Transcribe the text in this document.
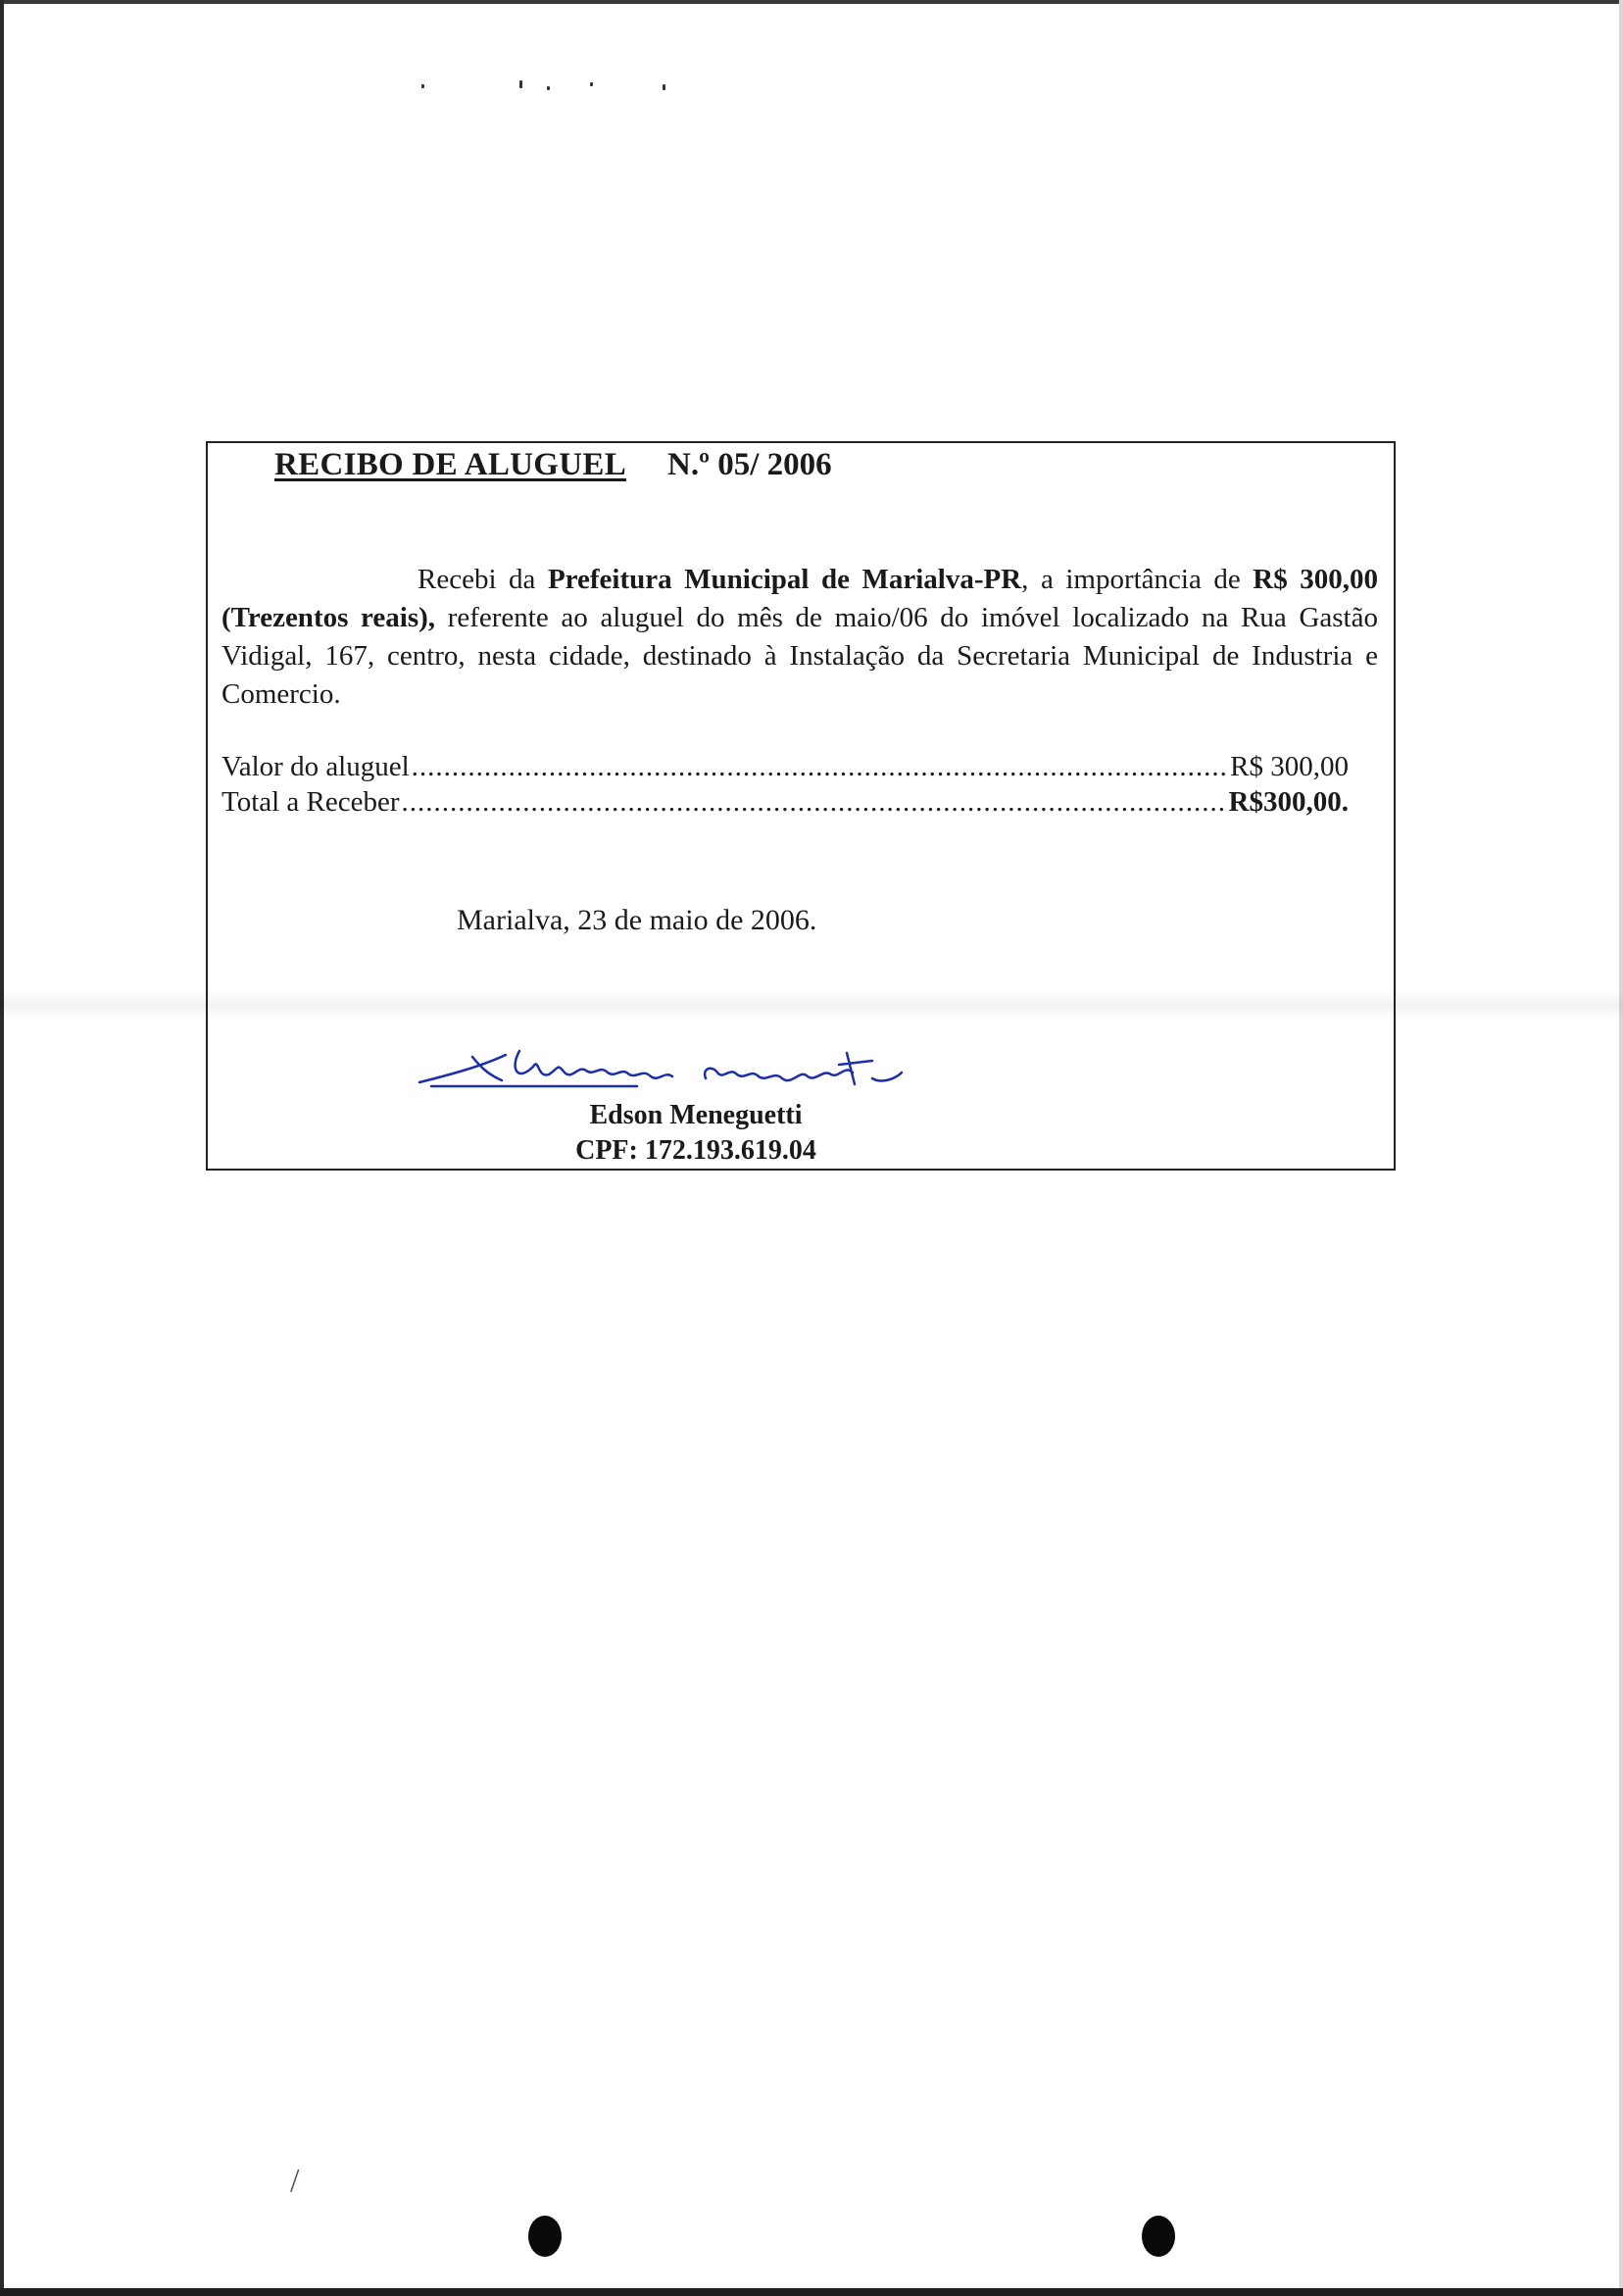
RECIBO DE ALUGUEL N.º 05/ 2006
Recebi da Prefeitura Municipal de Marialva-PR, a importância de R$ 300,00 (Trezentos reais), referente ao aluguel do mês de maio/06 do imóvel localizado na Rua Gastão Vidigal, 167, centro, nesta cidade, destinado à Instalação da Secretaria Municipal de Industria e Comercio.
Valor do aluguel .....	R$ 300,00
Total a Receber .....	R$300,00.
Marialva, 23 de maio de 2006.
Edson Meneguetti
CPF: 172.193.619.04
/
